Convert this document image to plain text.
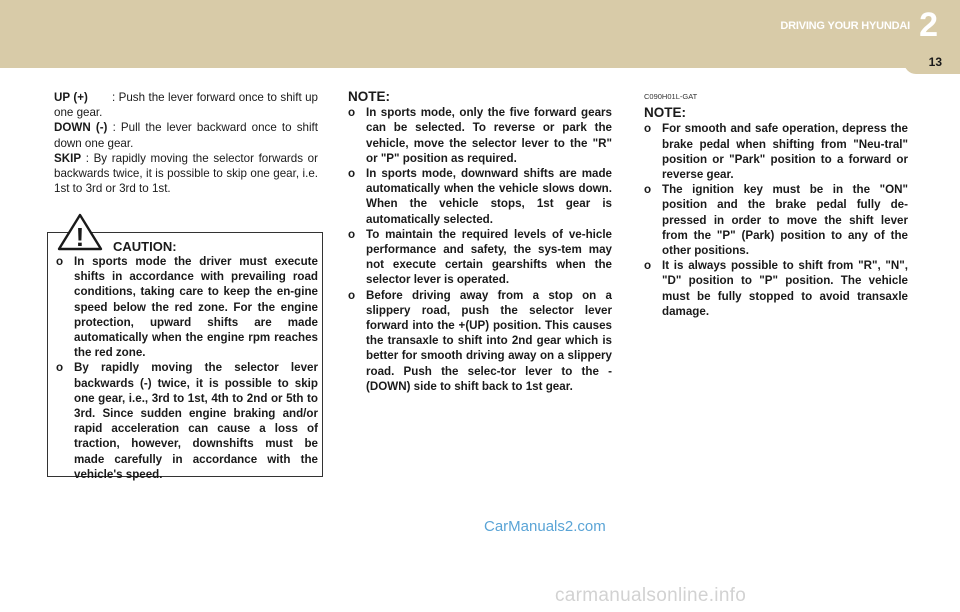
DRIVING YOUR HYUNDAI 2
13

UP (+)       : Push the lever forward once to shift up one gear.

DOWN (-) : Pull the lever backward once to shift down one gear.

SKIP : By rapidly moving the selector forwards or backwards twice, it is possible to skip one gear, i.e. 1st to 3rd or 3rd to 1st.

! CAUTION:
o In sports mode the driver must execute shifts in accordance with prevailing road conditions, taking care to keep the en-gine speed below the red zone. For the engine protection, upward shifts are made automatically when the engine rpm reaches the red zone.
o By rapidly moving the selector lever backwards (-) twice, it is possible to skip one gear, i.e., 3rd to 1st, 4th to 2nd or 5th to 3rd. Since sudden engine braking and/or rapid acceleration can cause a loss of traction, however, downshifts must be made carefully in accordance with the vehicle's speed.

NOTE:

o In sports mode, only the five forward gears can be selected. To reverse or park the vehicle, move the selector lever to the "R" or "P" position as required.
o In sports mode, downward shifts are made automatically when the vehicle slows down. When the vehicle stops, 1st gear is automatically selected.
o To maintain the required levels of ve-hicle performance and safety, the sys-tem may not execute certain gearshifts when the selector lever is operated.
o Before driving away from a stop on a slippery road, push the selector lever forward into the +(UP) position. This causes the transaxle to shift into 2nd gear which is better for smooth driving away on a slippery road. Push the selec-tor lever to the -(DOWN) side to shift back to 1st gear.

C090H01L-GAT

NOTE:

o For smooth and safe operation, depress the brake pedal when shifting from "Neu-tral" position or "Park" position to a forward or reverse gear.
o The ignition key must be in the "ON" position and the brake pedal fully de-pressed in order to move the shift lever from the "P" (Park) position to any of the other positions.
o It is always possible to shift from "R", "N", "D" position to "P" position. The vehicle must be fully stopped to avoid transaxle damage.
CarManuals2.com
carmanualsonline.info
